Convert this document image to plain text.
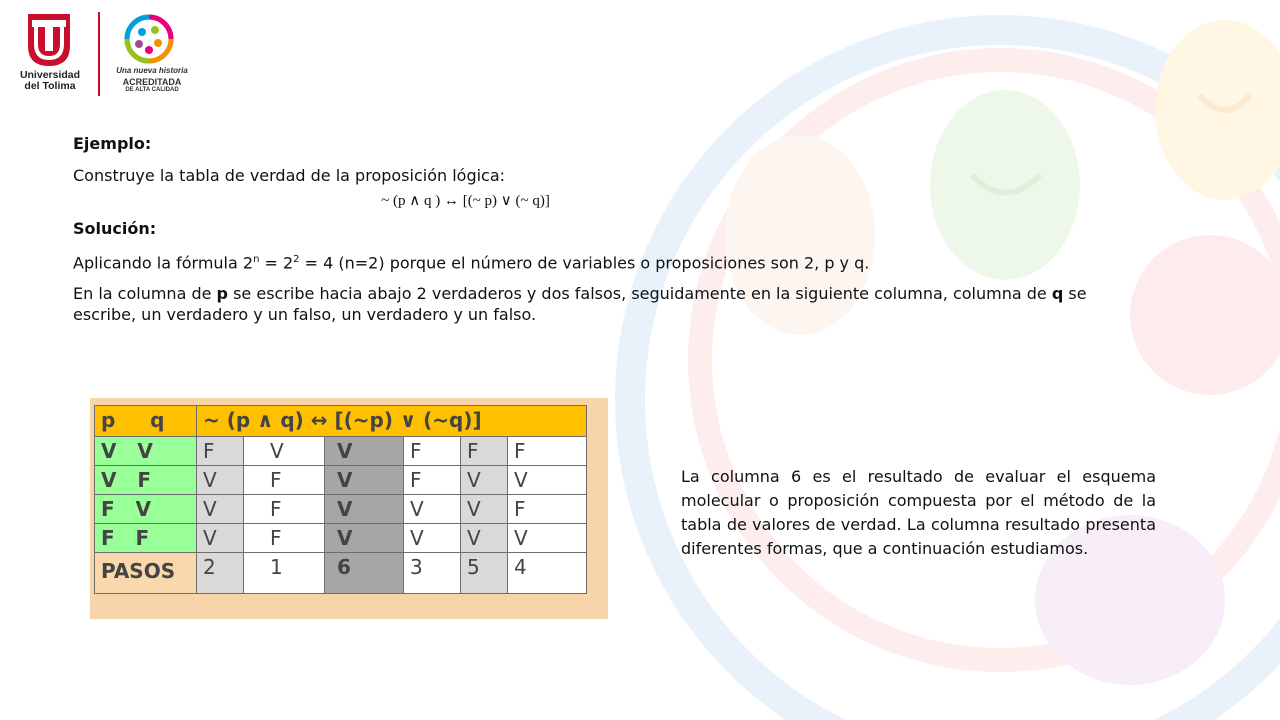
Universidad
del Tolima
Una nueva historia
ACREDITADA
DE ALTA CALIDAD

Ejemplo:

Construye la tabla de verdad de la proposición lógica:

~ (p ∧ q ) ↔ [(~ p) ∨ (~ q)]

Solución:

Aplicando la fórmula $2^n = 2^2 = 4$ (n=2) porque el número de variables o proposiciones son 2, p y q.

En la columna de p se escribe hacia abajo 2 verdaderos y dos falsos, seguidamente en la siguiente columna, columna de q se escribe, un verdadero y un falso, un verdadero y un falso.

p     q	~ (p ∧ q) ↔ [(~p) ∨ (~q)]					

V   V	F	V	V	F	F	F

V   F	V	F	V	F	V	V

F   V	V	F	V	V	V	F

F   F	V	F	V	V	V	V

PASOS	2	1	6	3	5	4

La columna 6 es el resultado de evaluar el esquema molecular o proposición compuesta por el método de la tabla de valores de verdad. La columna resultado presenta diferentes formas, que a continuación estudiamos.
